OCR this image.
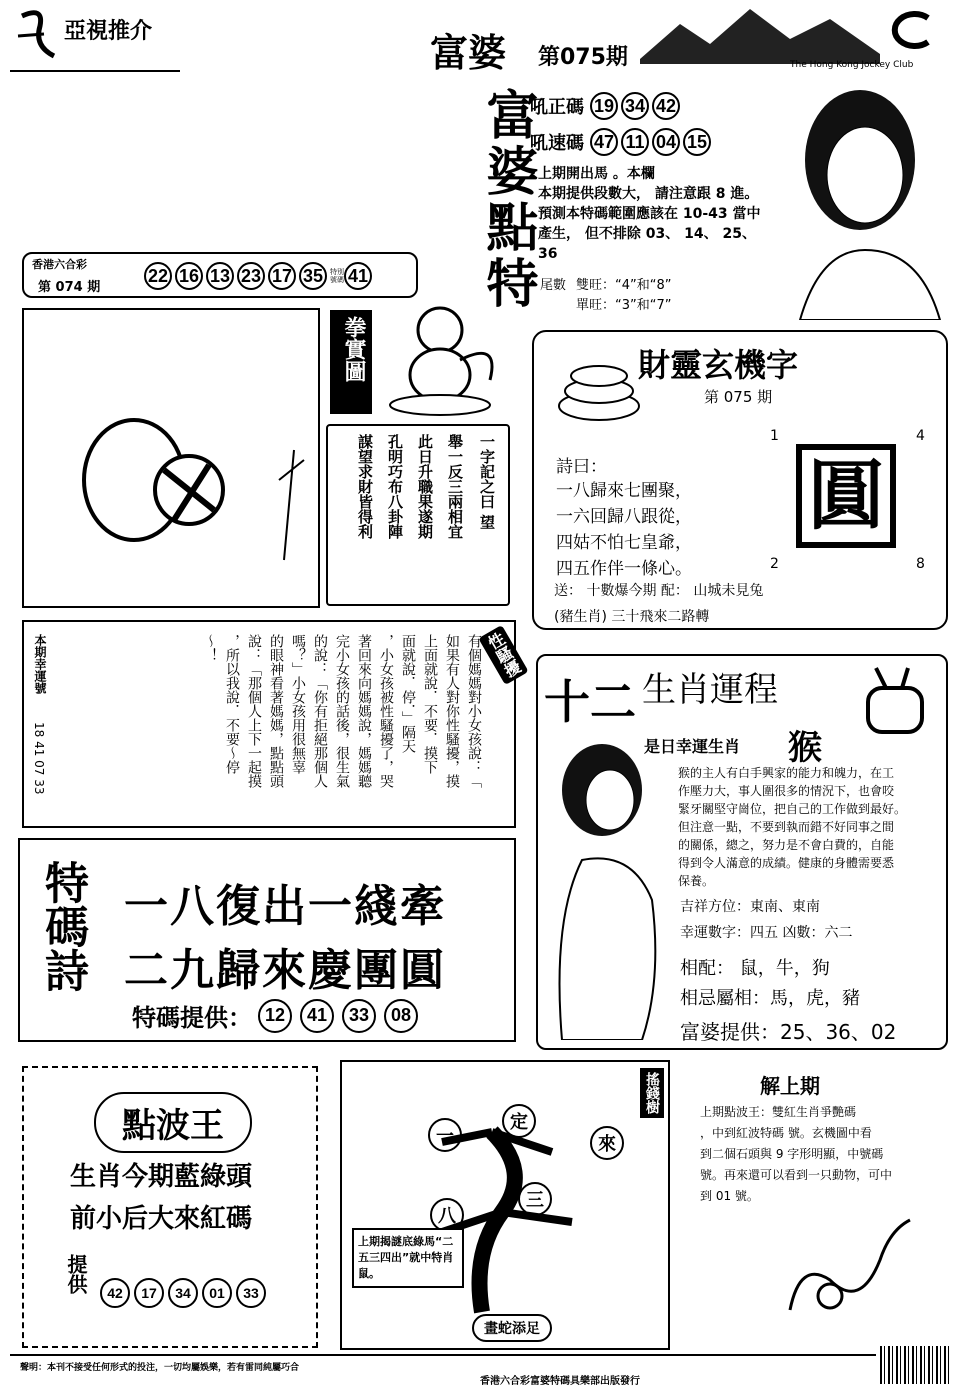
亞視推介	富婆 第075期	The Hong Kong Jockey Club
富婆點特
吼正碼 19 34 42
吼速碼 47 11 04 15
上期開出馬 。本欄
本期提供段數大， 請注意跟 8 進。
預測本特碼範圍應該在 10-43 當中
產生， 但不排除 03、 14、 25、
36
尾數 雙旺：“4”和“8”
單旺：“3”和“7”
香港六合彩
第 074 期
22 16 13 23 17 35 特別號碼 41
拳實圖
一字記之曰 望
舉一反三兩相宜
此日升職果遂期
孔明巧布八卦陣
謀望求財皆得利
財靈玄機字
第 075 期
詩曰：
一八歸來七團聚，
一六回歸八跟從，
四姑不怕七皇爺，
四五作伴一條心。
1	4
2	8
圓
送： 十數爆今期 配： 山城未見兔
(豬生肖) 三十飛來二路轉
本期幸運號
18 41 07 33	有個媽媽對小女孩說：「
如果有人對你性騷擾，摸
上面就說．不要．摸下
面就說．停．」隔天
，小女孩被性騷擾了，哭
著回來向媽媽說，媽媽聽
完小女孩的話後，很生氣
的說：「你有拒絕那個人
嗎？」小女孩用很無辜
的眼神看著媽媽，點點頭
說：「那個人上下一起摸
，所以我說．不要～停
～！	性騷擾
十二 生肖運程
是日幸運生肖 猴
猴的主人有白手興家的能力和魄力，在工
作壓力大，事人圍很多的情況下，也會咬
緊牙關堅守崗位，把自己的工作做到最好。
但注意一點，不要到執而錯不好同事之間
的關係，總之，努力是不會白費的，自能
得到令人滿意的成績。健康的身體需要悉
保養。
吉祥方位：東南、東南
幸運數字：四五 凶數：六二
相配： 鼠，牛，狗
相忌屬相：馬，虎，豬
富婆提供：25、36、02
特碼詩 一八復出一綫牽
二九歸來慶團圓
特碼提供： 12	41	33	08
點波王
生肖今期藍綠頭
前小后大來紅碼
提供	42	17	34	01	33
搖錢樹
一
定
來
八
三
上期揭謎底綠馬“二五三四出”就中特肖鼠。
畫蛇添足
解上期
上期點波王：雙紅生肖爭艷碼
，中到紅波特碼 號。玄機圖中看
到二個石頭與 9 字形明顯，中號碼
號。再來還可以看到一只動物，可中
到 01 號。
聲明：本刊不接受任何形式的投注，一切均屬娛樂，若有雷同純屬巧合
香港六合彩富婆特碼具樂部出版發行
